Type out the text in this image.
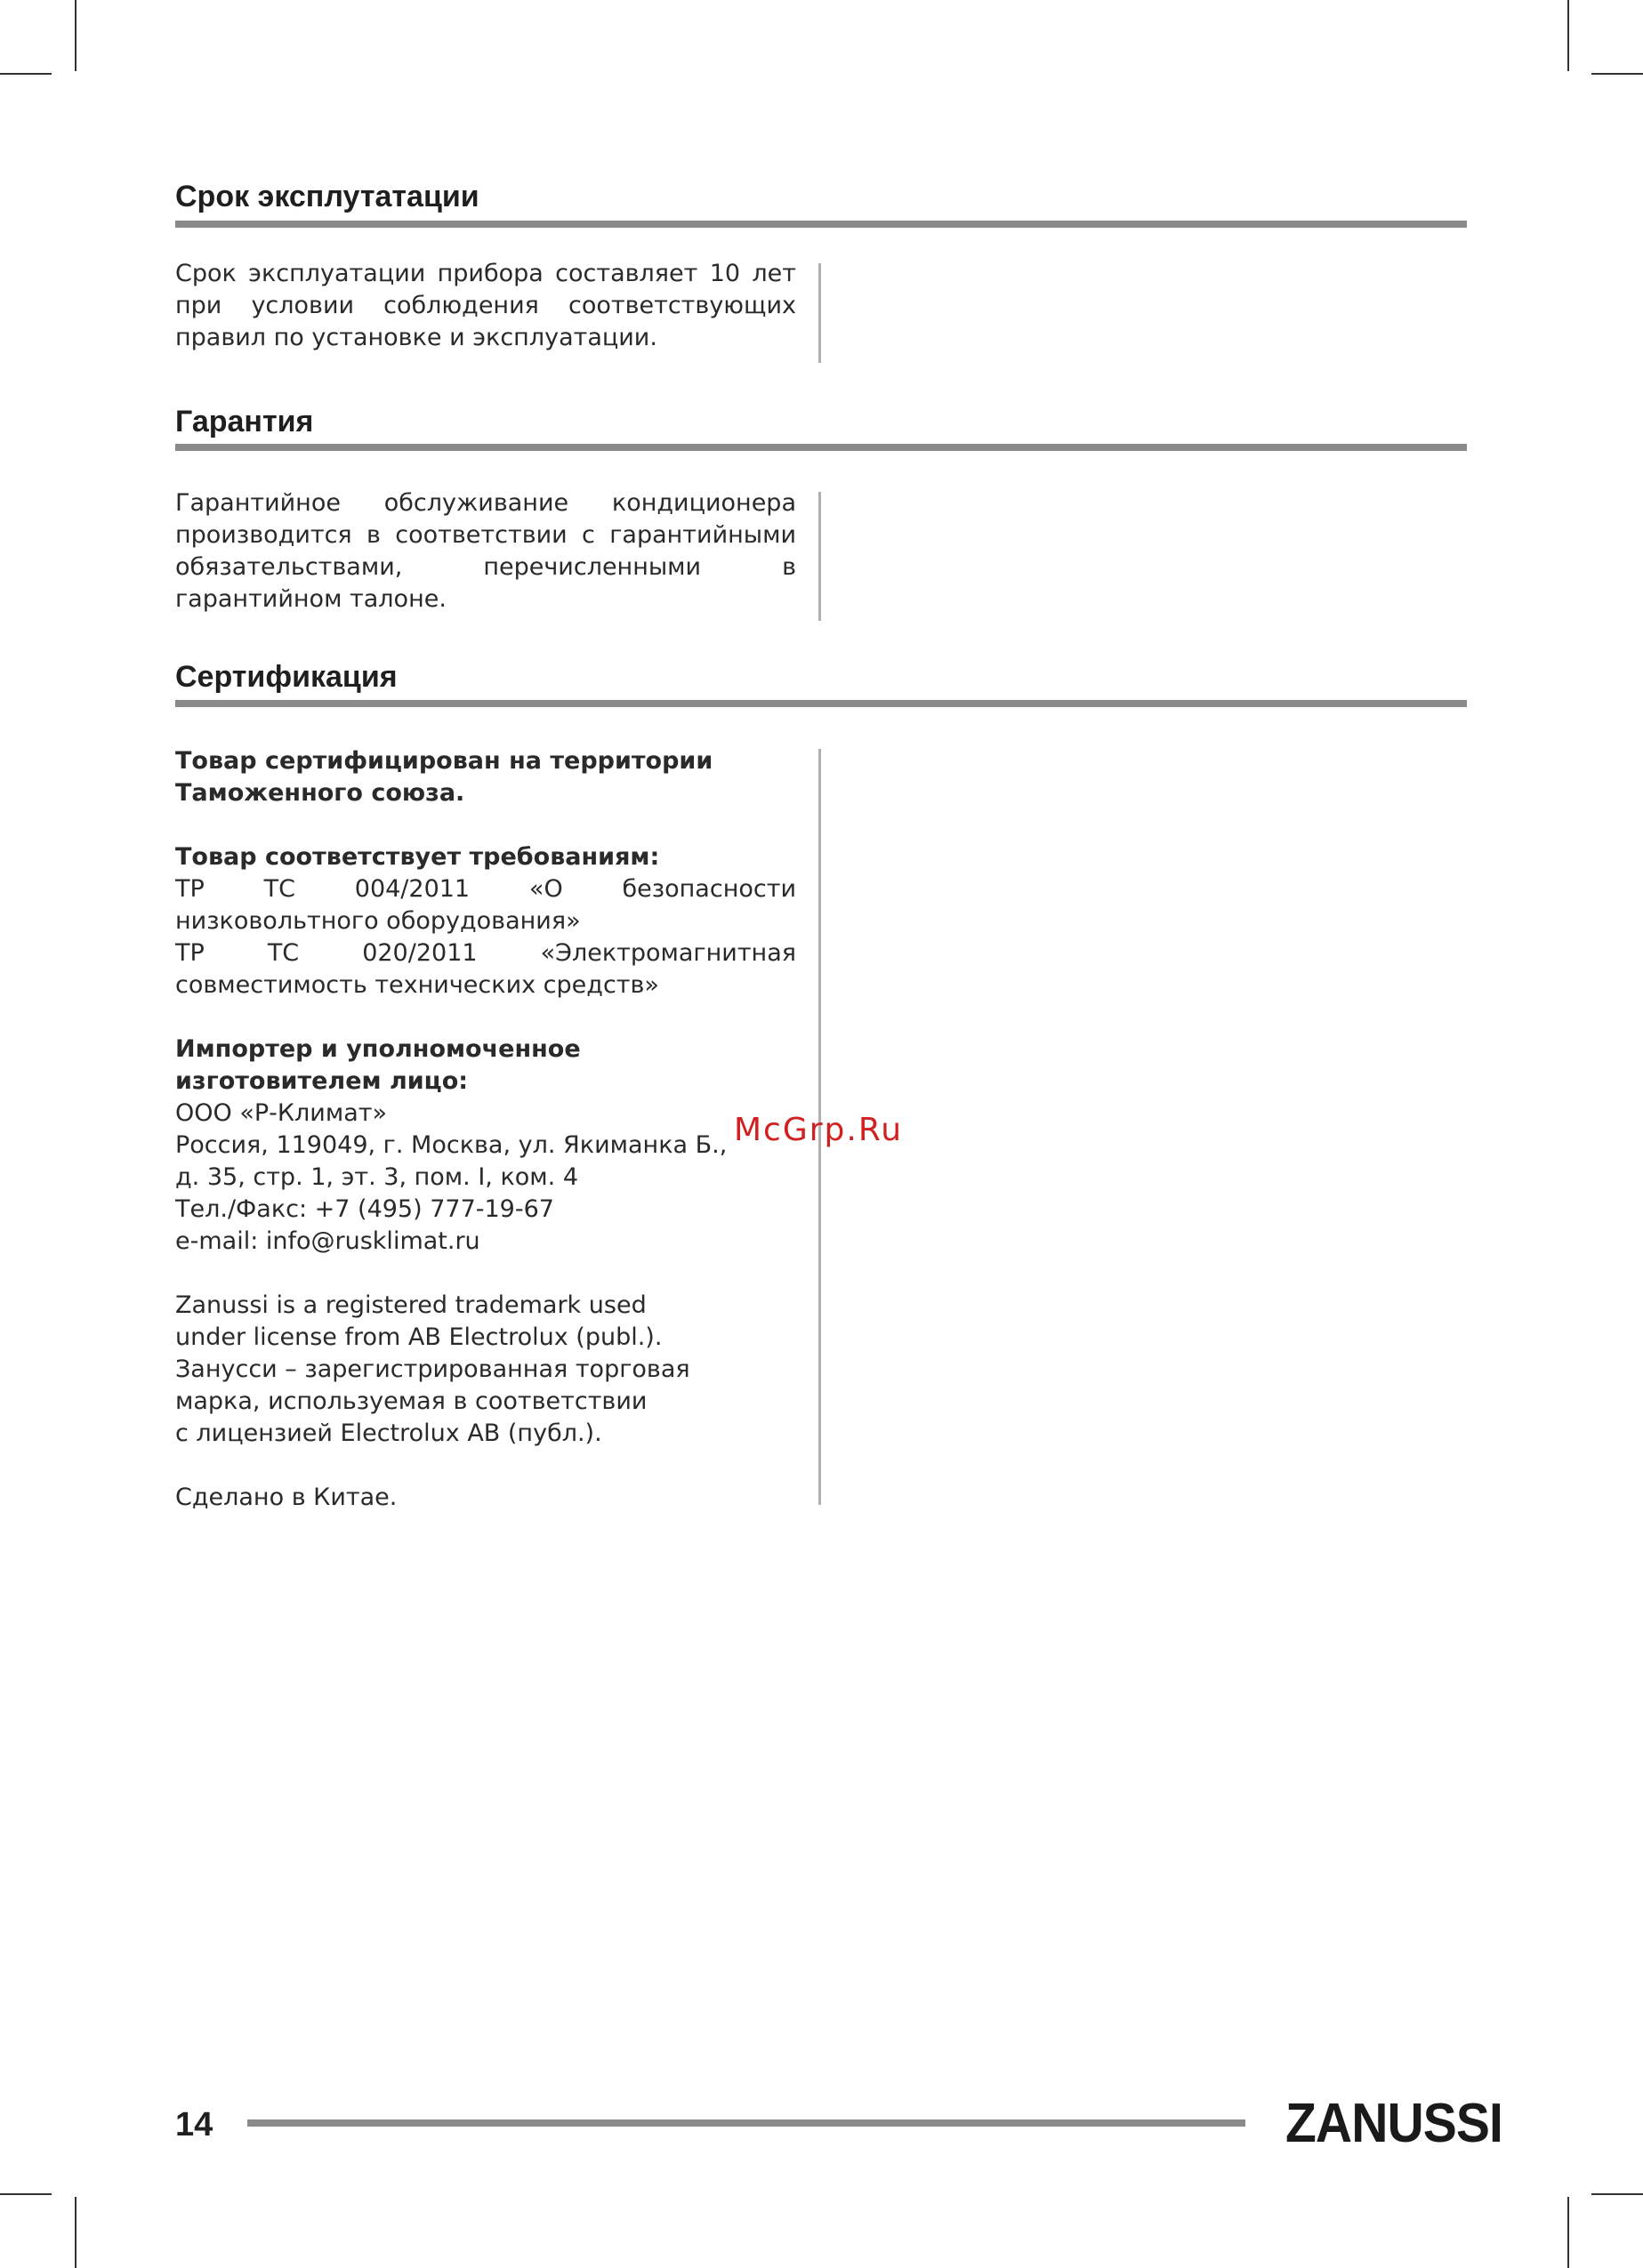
Срок эксплутатации

Срок эксплуатации прибора составляет 10 лет при условии соблюдения соответствующих правил по установке и эксплуатации.

Гарантия

Гарантийное обслуживание кондиционера производится в соответствии с гарантийными обязательствами, перечисленными в гарантийном талоне.

Сертификация
Товар сертифицирован на территории
Таможенного союза.
Товар соответствует требованиям:
ТР ТС 004/2011 «О безопасности низковольтного оборудования»
ТР ТС 020/2011 «Электромагнитная совместимость технических средств»
Импортер и уполномоченное
изготовителем лицо:
ООО «Р-Климат»
Россия, 119049, г. Москва, ул. Якиманка Б.,
д. 35, стр. 1, эт. 3, пом. I, ком. 4
Тел./Факс: +7 (495) 777-19-67
e-mail: info@rusklimat.ru
Zanussi is a registered trademark used
under license from AB Electrolux (publ.).
Занусси – зарегистрированная торговая
марка, используемая в соответствии
с лицензией Electrolux AB (публ.).
Сделано в Китае.
McGrp.Ru
14	ZANUSSI
